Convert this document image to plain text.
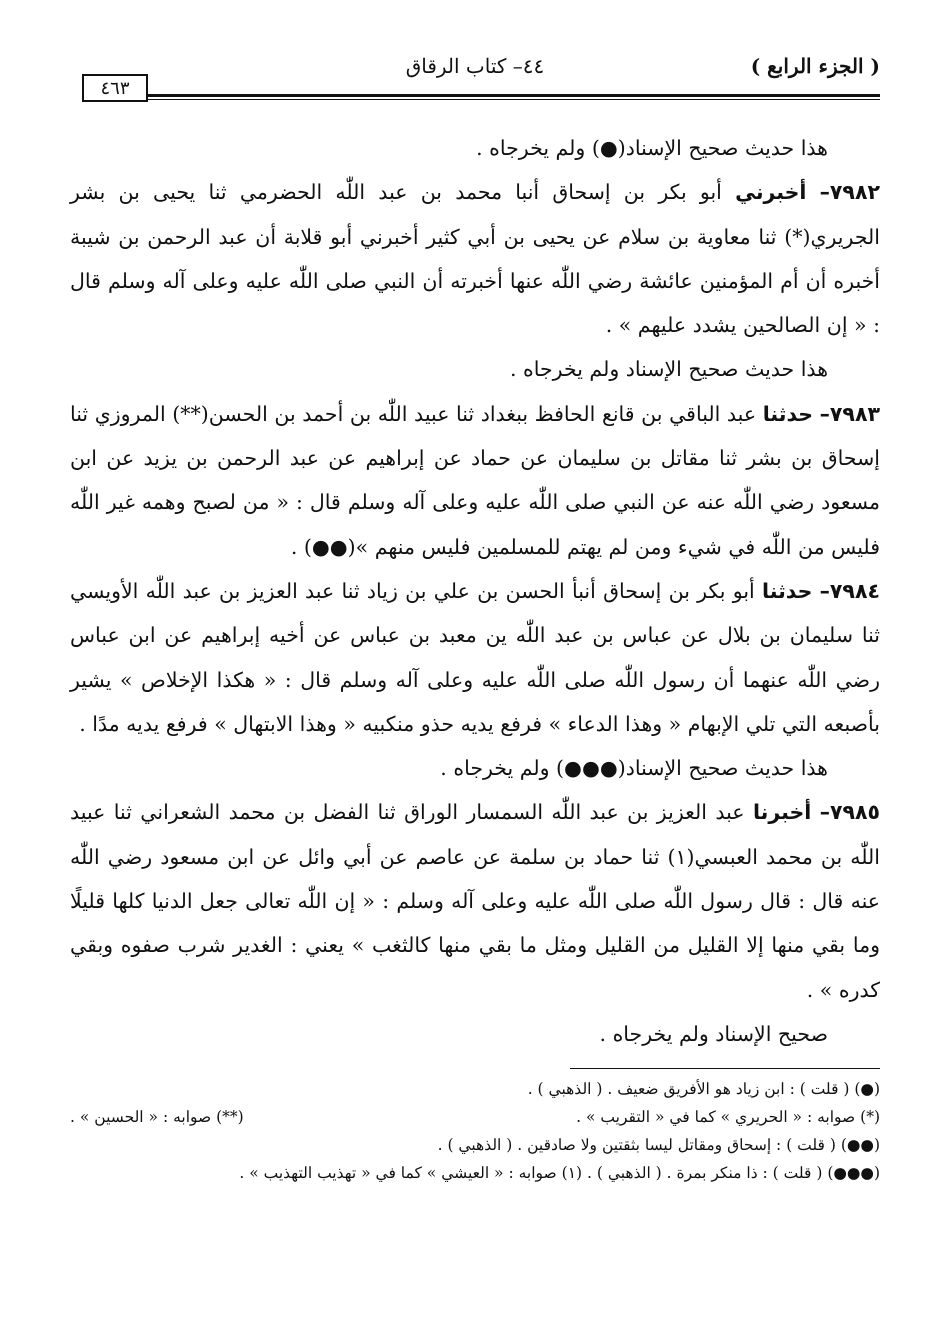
( الجزء الرابع )
٤٤– كتاب الرقاق
٤٦٣

هذا حديث صحيح الإسناد(●) ولم يخرجاه .

٧٩٨٢– أخبرني أبو بكر بن إسحاق أنبا محمد بن عبد اللّٰه الحضرمي ثنا يحيى بن بشر الجريري(*) ثنا معاوية بن سلام عن يحيى بن أبي كثير أخبرني أبو قلابة أن عبد الرحمن بن شيبة أخبره أن أم المؤمنين عائشة رضي اللّٰه عنها أخبرته أن النبي صلى اللّٰه عليه وعلى آله وسلم قال : « إن الصالحين يشدد عليهم » .

هذا حديث صحيح الإسناد ولم يخرجاه .

٧٩٨٣– حدثنا عبد الباقي بن قانع الحافظ ببغداد ثنا عبيد اللّٰه بن أحمد بن الحسن(**) المروزي ثنا إسحاق بن بشر ثنا مقاتل بن سليمان عن حماد عن إبراهيم عن عبد الرحمن بن يزيد عن ابن مسعود رضي اللّٰه عنه عن النبي صلى اللّٰه عليه وعلى آله وسلم قال : « من لصبح وهمه غير اللّٰه فليس من اللّٰه في شيء ومن لم يهتم للمسلمين فليس منهم »(●●) .

٧٩٨٤– حدثنا أبو بكر بن إسحاق أنبأ الحسن بن علي بن زياد ثنا عبد العزيز بن عبد اللّٰه الأويسي ثنا سليمان بن بلال عن عباس بن عبد اللّٰه ين معبد بن عباس عن أخيه إبراهيم عن ابن عباس رضي اللّٰه عنهما أن رسول اللّٰه صلى اللّٰه عليه وعلى آله وسلم قال : « هكذا الإخلاص » يشير بأصبعه التي تلي الإبهام « وهذا الدعاء » فرفع يديه حذو منكبيه « وهذا الابتهال » فرفع يديه مدًا .

هذا حديث صحيح الإسناد(●●●) ولم يخرجاه .

٧٩٨٥– أخبرنا عبد العزيز بن عبد اللّٰه السمسار الوراق ثنا الفضل بن محمد الشعراني ثنا عبيد اللّٰه بن محمد العبسي(١) ثنا حماد بن سلمة عن عاصم عن أبي وائل عن ابن مسعود رضي اللّٰه عنه قال : قال رسول اللّٰه صلى اللّٰه عليه وعلى آله وسلم : « إن اللّٰه تعالى جعل الدنيا كلها قليلًا وما بقي منها إلا القليل من القليل ومثل ما بقي منها كالثغب » يعني : الغدير شرب صفوه وبقي كدره » .

صحيح الإسناد ولم يخرجاه .

(●) ( قلت ) : ابن زياد هو الأفريق ضعيف . ( الذهبي ) .

(*) صوابه : « الحريري » كما في « التقريب » .
(**) صوابه : « الحسين » .

(●●) ( قلت ) : إسحاق ومقاتل ليسا بثقتين ولا صادقين . ( الذهبي ) .

(●●●) ( قلت ) : ذا منكر بمرة . ( الذهبي ) . (١) صوابه : « العيشي » كما في « تهذيب التهذيب » .
